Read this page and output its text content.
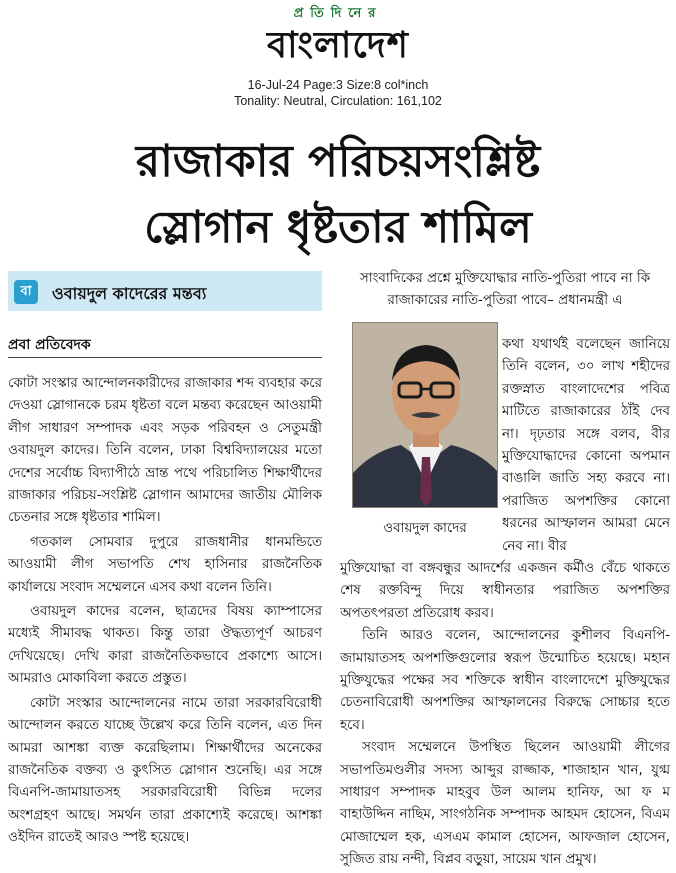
প্রতিদিনের
বাংলাদেশ
16-Jul-24 Page:3 Size:8 col*inch
Tonality: Neutral, Circulation: 161,102
রাজাকার পরিচয়সংশ্লিষ্ট
স্লোগান ধৃষ্টতার শামিল
বা	ওবায়দুল কাদেরের মন্তব্য
প্রবা প্রতিবেদক

কোটা সংস্কার আন্দোলনকারীদের রাজাকার শব্দ ব্যবহার করে দেওয়া স্লোগানকে চরম ধৃষ্টতা বলে মন্তব্য করেছেন আওয়ামী লীগ সাধারণ সম্পাদক এবং সড়ক পরিবহন ও সেতুমন্ত্রী ওবায়দুল কাদের। তিনি বলেন, ঢাকা বিশ্ববিদ্যালয়ের মতো দেশের সর্বোচ্চ বিদ্যাপীঠে ভ্রান্ত পথে পরিচালিত শিক্ষার্থীদের রাজাকার পরিচয়-সংশ্লিষ্ট স্লোগান আমাদের জাতীয় মৌলিক চেতনার সঙ্গে ধৃষ্টতার শামিল।

গতকাল সোমবার দুপুরে রাজধানীর ধানমন্ডিতে আওয়ামী লীগ সভাপতি শেখ হাসিনার রাজনৈতিক কার্যালয়ে সংবাদ সম্মেলনে এসব কথা বলেন তিনি।

ওবায়দুল কাদের বলেন, ছাত্রদের বিষয় ক্যাম্পাসের মধ্যেই সীমাবদ্ধ থাকত। কিন্তু তারা ঔদ্ধত্যপূর্ণ আচরণ দেখিয়েছে। দেখি কারা রাজনৈতিকভাবে প্রকাশ্যে আসে। আমরাও মোকাবিলা করতে প্রস্তুত।

কোটা সংস্কার আন্দোলনের নামে তারা সরকারবিরোধী আন্দোলন করতে যাচ্ছে উল্লেখ করে তিনি বলেন, এত দিন আমরা আশঙ্কা ব্যক্ত করেছিলাম। শিক্ষার্থীদের অনেকের রাজনৈতিক বক্তব্য ও কুৎসিত স্লোগান শুনেছি। এর সঙ্গে বিএনপি-জামায়াতসহ সরকারবিরোধী বিভিন্ন দলের অংশগ্রহণ আছে। সমর্থন তারা প্রকাশ্যেই করেছে। আশঙ্কা ওইদিন রাতেই আরও স্পষ্ট হয়েছে।

সাংবাদিকের প্রশ্নে মুক্তিযোদ্ধার নাতি-পুতিরা পাবে না কি রাজাকারের নাতি-পুতিরা পাবে– প্রধানমন্ত্রী এ
ওবায়দুল কাদের
কথা যথার্থই বলেছেন জানিয়ে তিনি বলেন, ৩০ লাখ শহীদের রক্তস্নাত বাংলাদেশের পবিত্র মাটিতে রাজাকারের ঠাঁই দেব না। দৃঢ়তার সঙ্গে বলব, বীর মুক্তিযোদ্ধাদের কোনো অপমান বাঙালি জাতি সহ্য করবে না। পরাজিত অপশক্তির কোনো ধরনের আস্ফালন আমরা মেনে নেব না। বীর

মুক্তিযোদ্ধা বা বঙ্গবন্ধুর আদর্শের একজন কর্মীও বেঁচে থাকতে শেষ রক্তবিন্দু দিয়ে স্বাধীনতার পরাজিত অপশক্তির অপতৎপরতা প্রতিরোধ করব।

তিনি আরও বলেন, আন্দোলনের কুশীলব বিএনপি-জামায়াতসহ অপশক্তিগুলোর স্বরূপ উন্মোচিত হয়েছে। মহান মুক্তিযুদ্ধের পক্ষের সব শক্তিকে স্বাধীন বাংলাদেশে মুক্তিযুদ্ধের চেতনাবিরোধী অপশক্তির আস্ফালনের বিরুদ্ধে সোচ্চার হতে হবে।

সংবাদ সম্মেলনে উপস্থিত ছিলেন আওয়ামী লীগের সভাপতিমণ্ডলীর সদস্য আব্দুর রাজ্জাক, শাজাহান খান, যুগ্ম সাধারণ সম্পাদক মাহবুব উল আলম হানিফ, আ ফ ম বাহাউদ্দিন নাছিম, সাংগঠনিক সম্পাদক আহমদ হোসেন, বিএম মোজাম্মেল হক, এসএম কামাল হোসেন, আফজাল হোসেন, সুজিত রায় নন্দী, বিপ্লব বড়ুয়া, সায়েম খান প্রমুখ।
